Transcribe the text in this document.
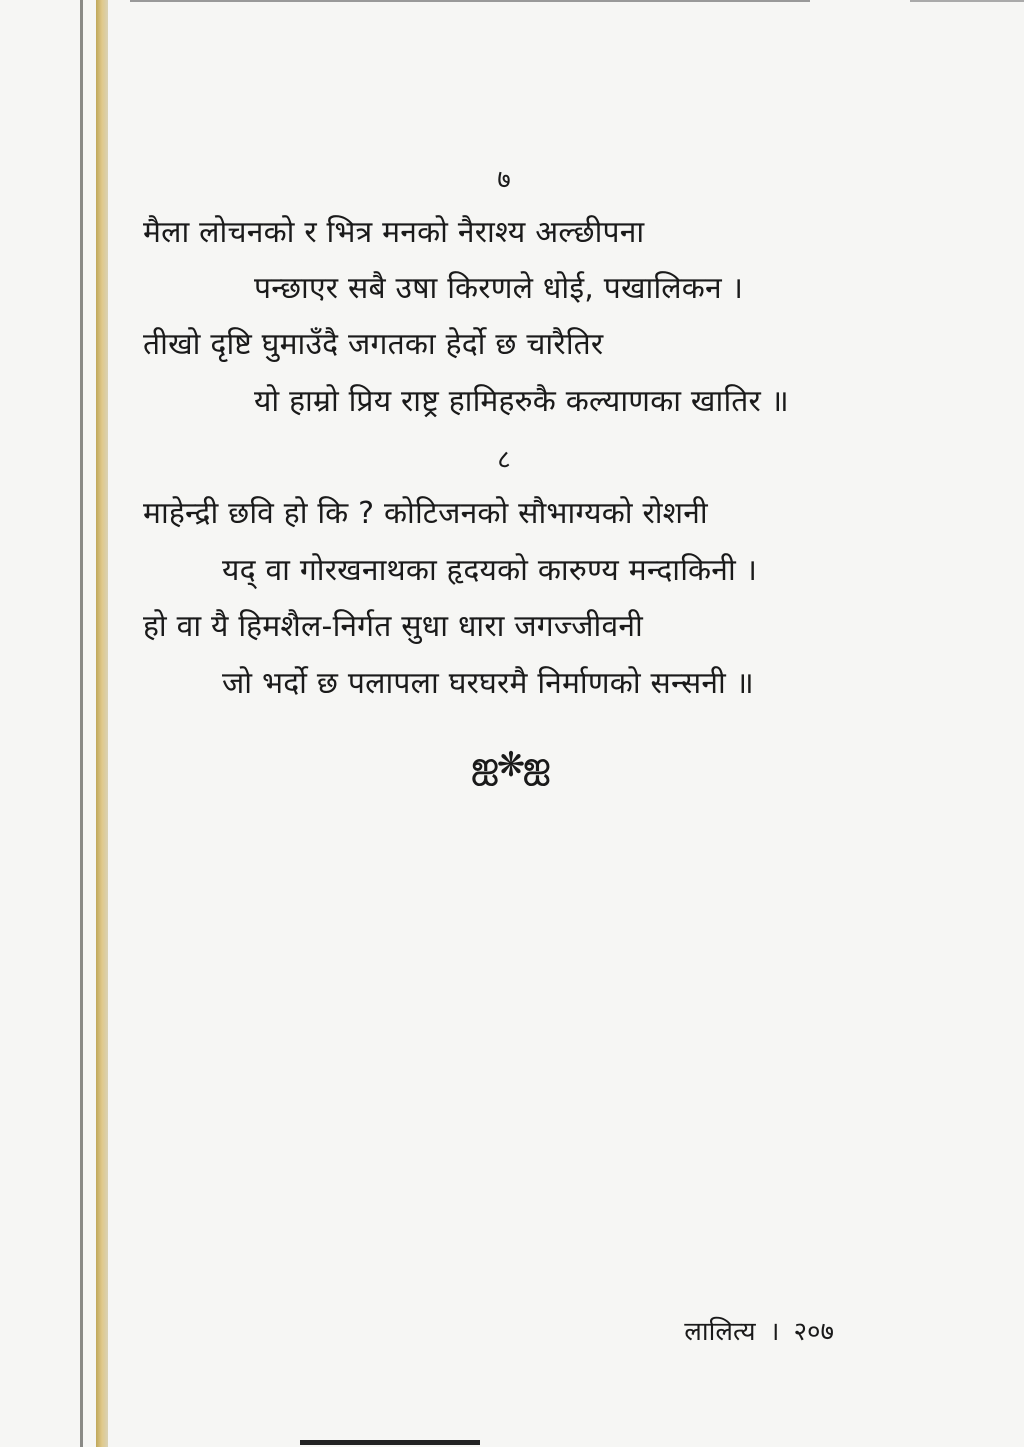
७
मैला लोचनको र भित्र मनको नैराश्य अल्छीपना
पन्छाएर सबै उषा किरणले धोई, पखालिकन ।
तीखो दृष्टि घुमाउँदै जगतका हेर्दो छ चारैतिर
यो हाम्रो प्रिय राष्ट्र हामिहरुकै कल्याणका खातिर ॥
८
माहेन्द्री छवि हो कि ? कोटिजनको सौभाग्यको रोशनी
यद् वा गोरखनाथका हृदयको कारुण्य मन्दाकिनी ।
हो वा यै हिमशैल-निर्गत सुधा धारा जगज्जीवनी
जो भर्दो छ पलापला घरघरमै निर्माणको सन्सनी ॥
ஐ❋ஐ
लालित्य । २०७
